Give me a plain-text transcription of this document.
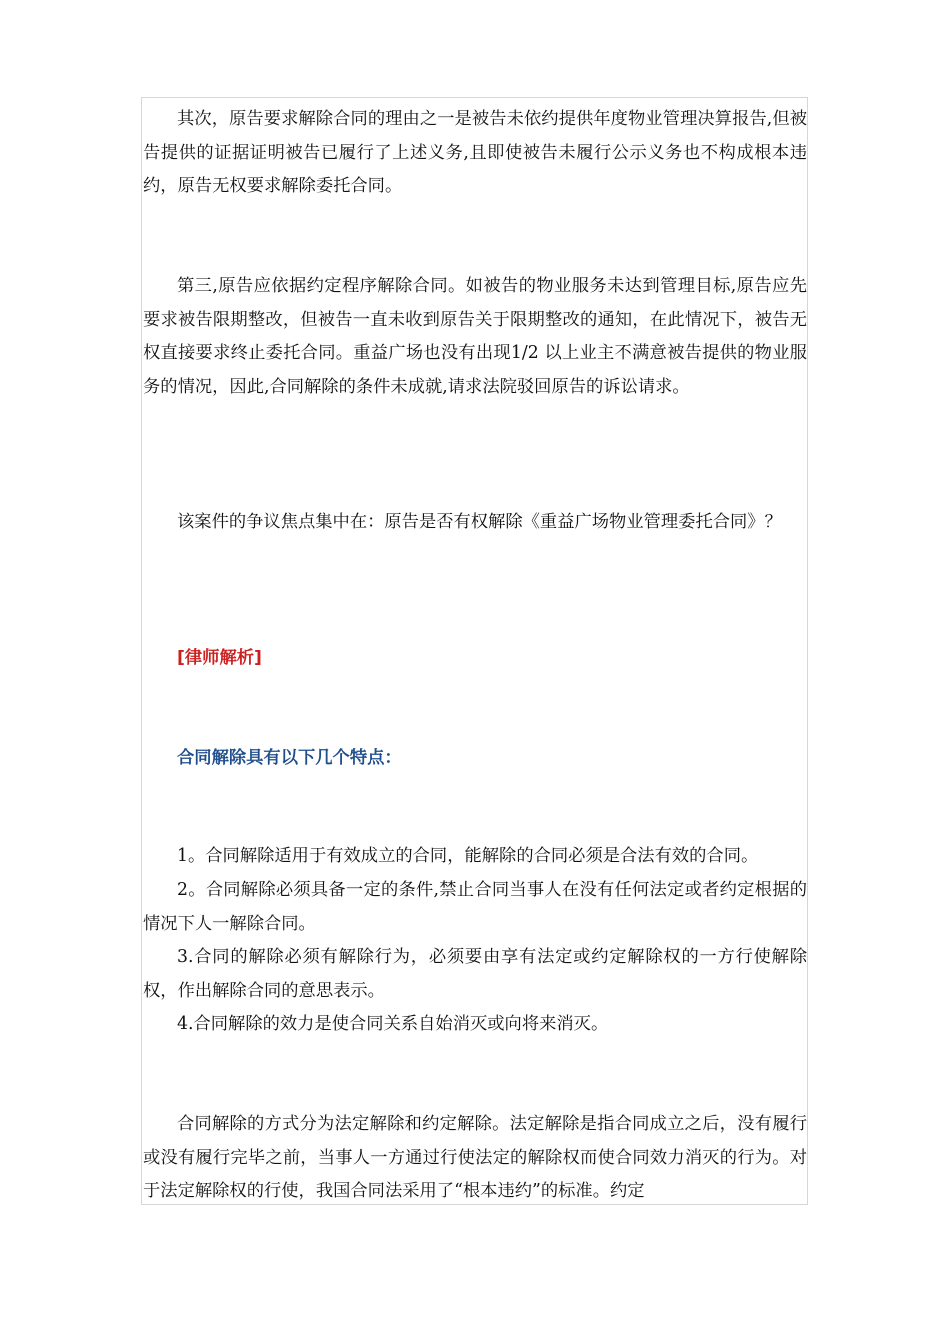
其次，原告要求解除合同的理由之一是被告未依约提供年度物业管理决算报告,但被告提供的证据证明被告已履行了上述义务,且即使被告未履行公示义务也不构成根本违约，原告无权要求解除委托合同。
第三,原告应依据约定程序解除合同。如被告的物业服务未达到管理目标,原告应先要求被告限期整改，但被告一直未收到原告关于限期整改的通知，在此情况下，被告无权直接要求终止委托合同。重益广场也没有出现1/2 以上业主不满意被告提供的物业服务的情况，因此,合同解除的条件未成就,请求法院驳回原告的诉讼请求。
该案件的争议焦点集中在：原告是否有权解除《重益广场物业管理委托合同》？
[律师解析]
合同解除具有以下几个特点：
1。合同解除适用于有效成立的合同，能解除的合同必须是合法有效的合同。
2。合同解除必须具备一定的条件,禁止合同当事人在没有任何法定或者约定根据的情况下人一解除合同。
3.合同的解除必须有解除行为，必须要由享有法定或约定解除权的一方行使解除权，作出解除合同的意思表示。
4.合同解除的效力是使合同关系自始消灭或向将来消灭。
合同解除的方式分为法定解除和约定解除。法定解除是指合同成立之后，没有履行或没有履行完毕之前，当事人一方通过行使法定的解除权而使合同效力消灭的行为。对于法定解除权的行使，我国合同法采用了“根本违约”的标准。约定
